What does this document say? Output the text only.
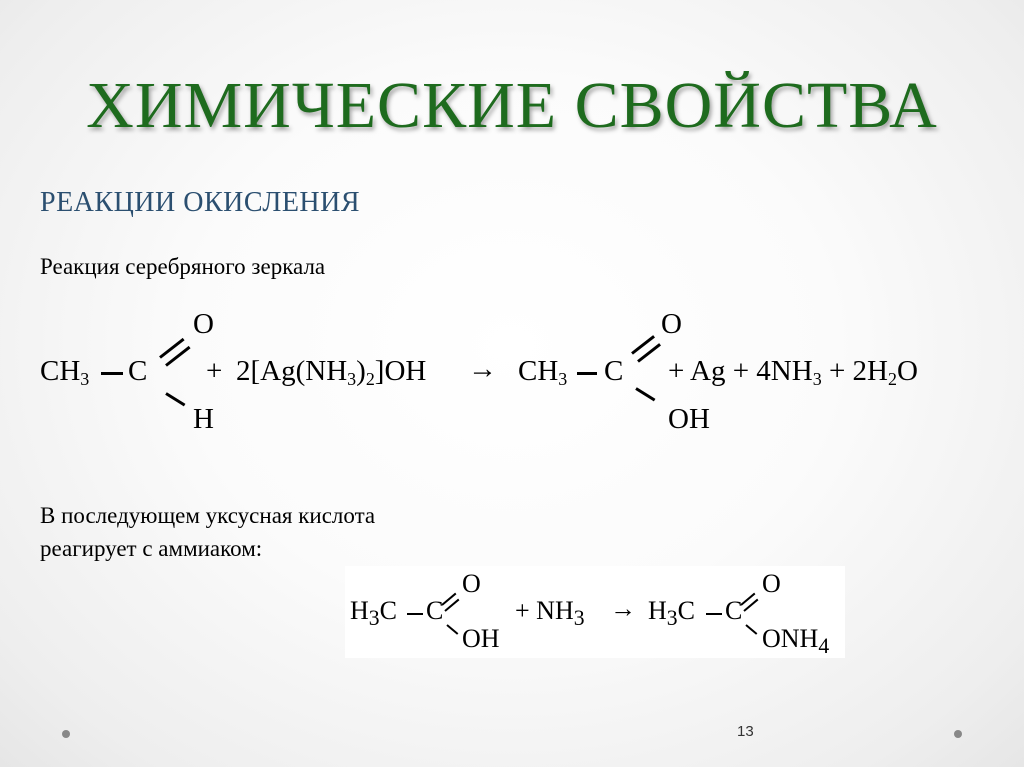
ХИМИЧЕСКИЕ СВОЙСТВА
РЕАКЦИИ ОКИСЛЕНИЯ
Реакция серебряного зеркала
$CH_3$ C
O
H
+ $2[Ag(NH_3)_2]OH \to CH_3$ C
O
OH
+ $Ag + 4NH_3 + 2H_2O$
В последующем уксусная кислота
реагирует с аммиаком:
$H_3C$ C
O
OH
+ $NH_3 \to H_3C$ C
O
$ONH_4$
13
